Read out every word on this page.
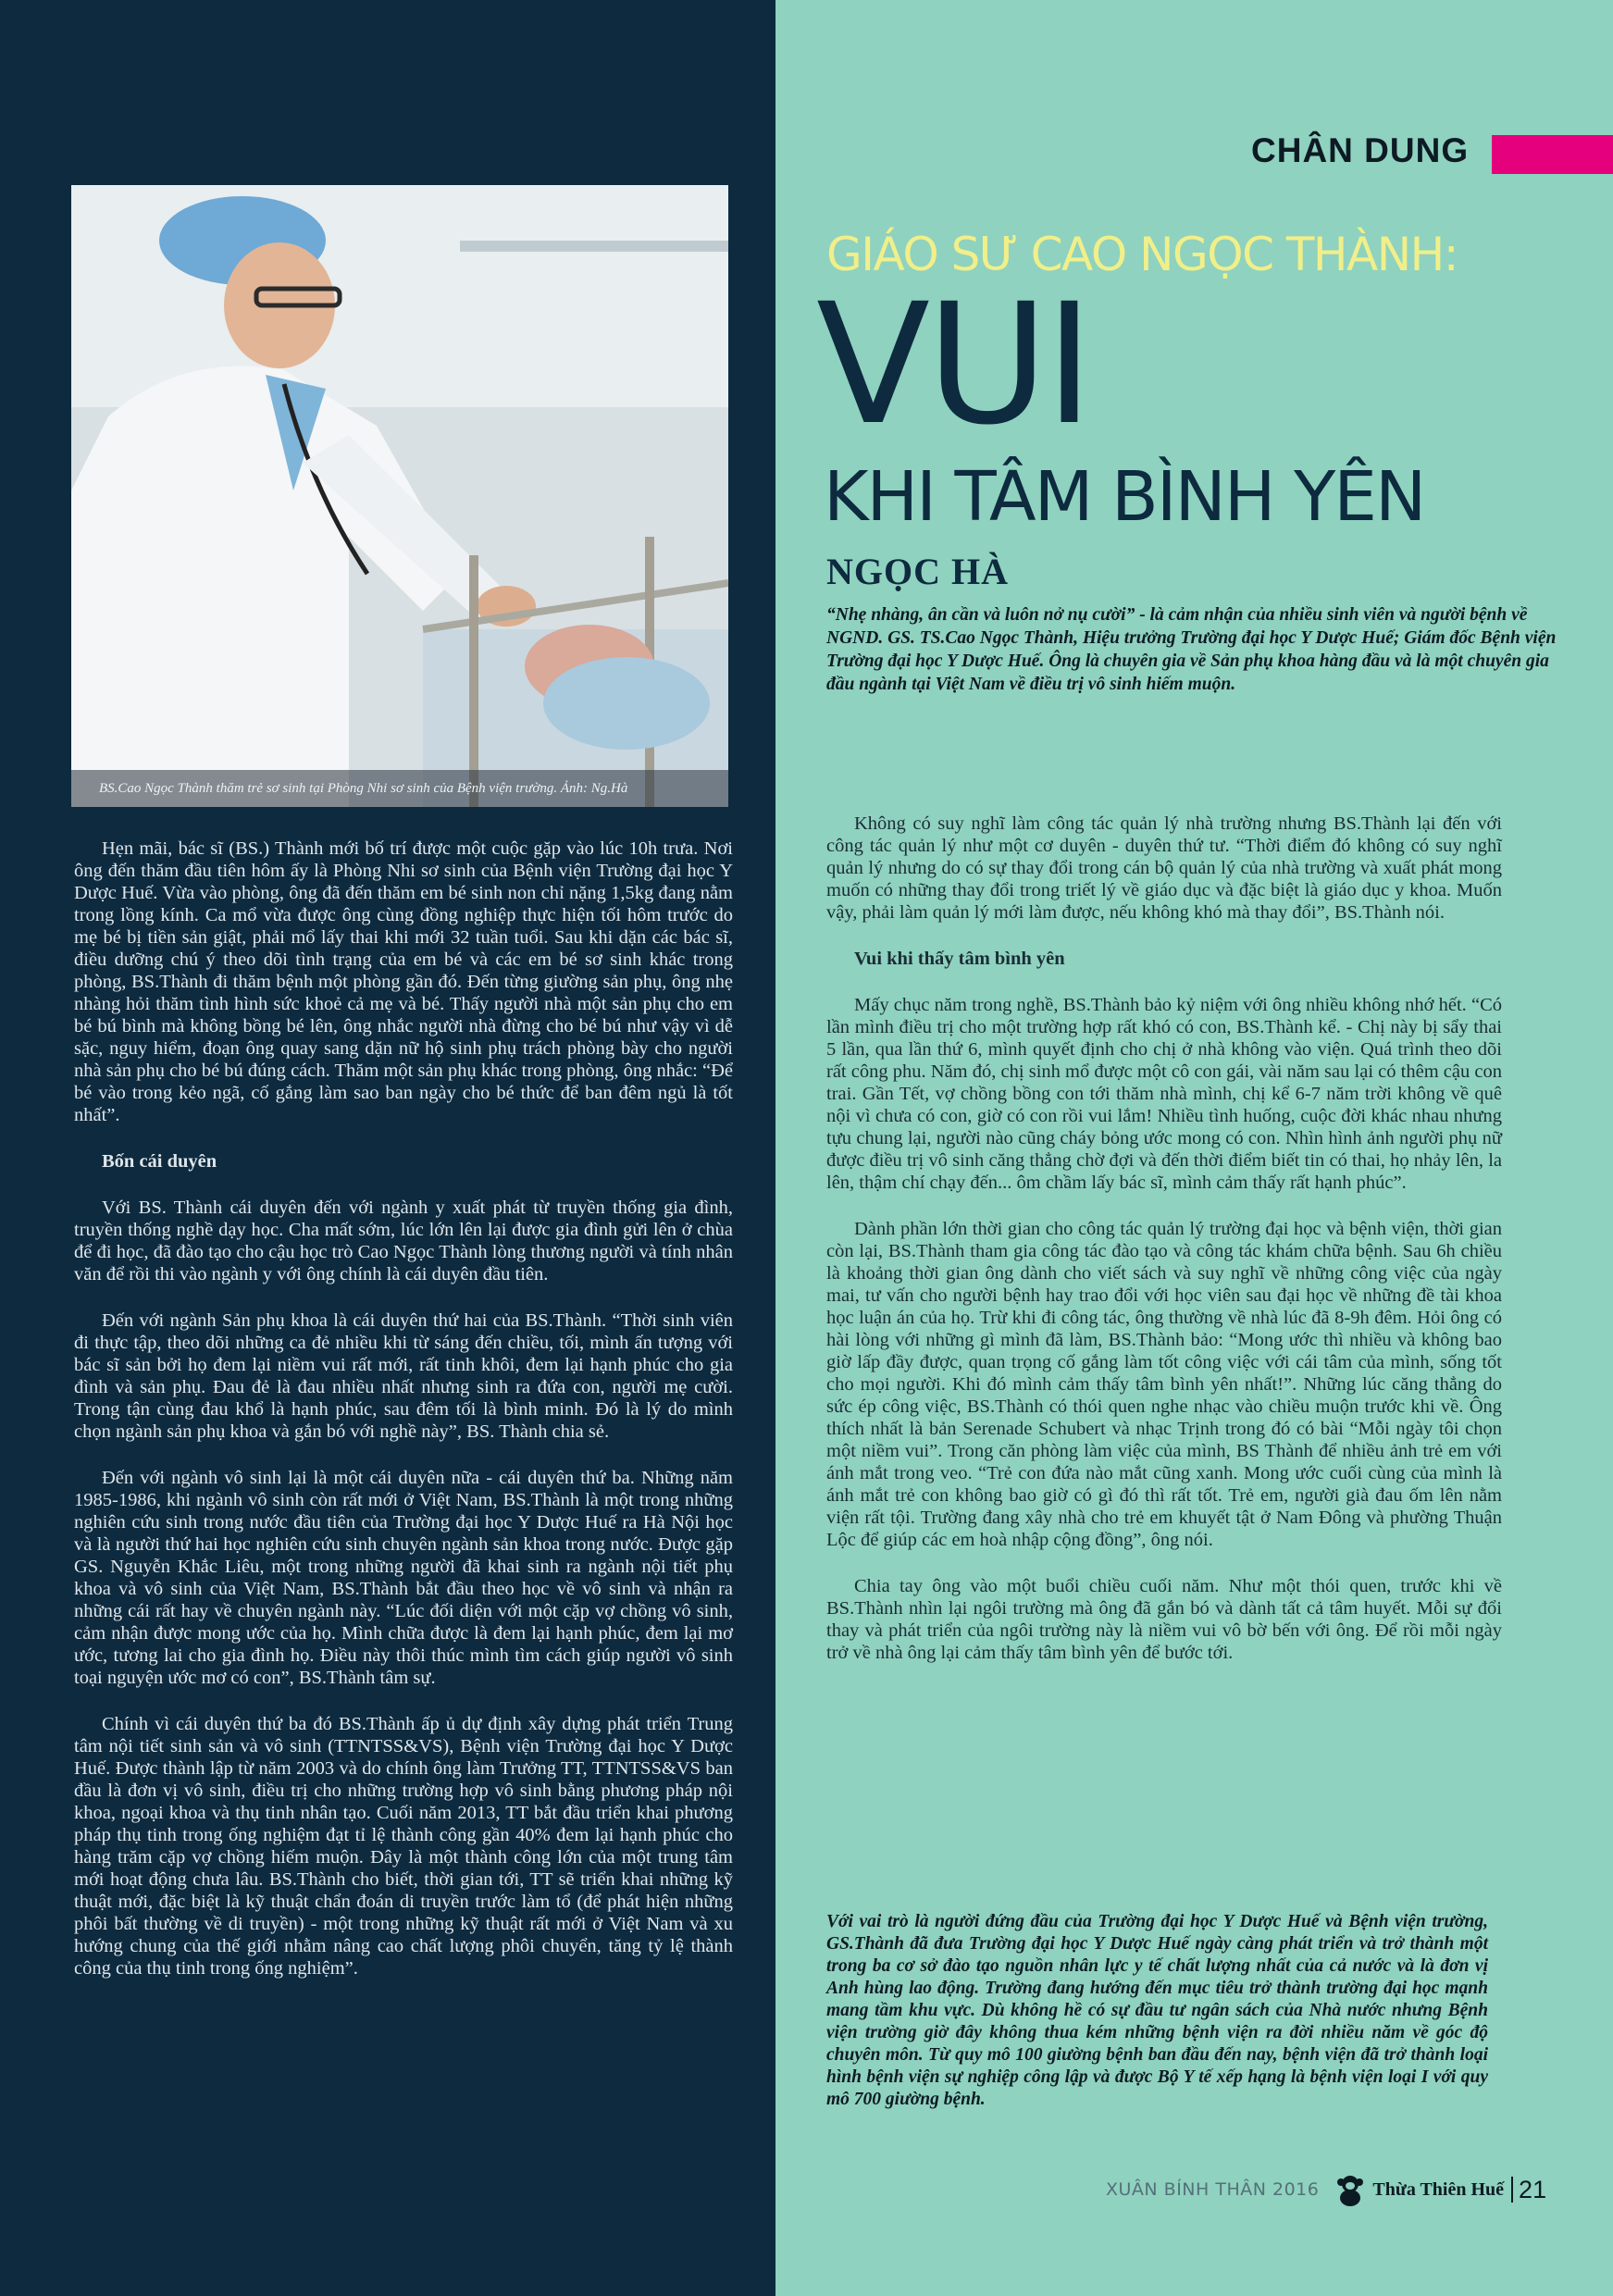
CHÂN DUNG
BS.Cao Ngọc Thành thăm trẻ sơ sinh tại Phòng Nhi sơ sinh của Bệnh viện trường. Ảnh: Ng.Hà
GIÁO SƯ CAO NGỌC THÀNH:
VUI
KHI TÂM BÌNH YÊN
NGỌC HÀ
“Nhẹ nhàng, ân cần và luôn nở nụ cười” - là cảm nhận của nhiều sinh viên và người bệnh về NGND. GS. TS.Cao Ngọc Thành, Hiệu trưởng Trường đại học Y Dược Huế; Giám đốc Bệnh viện Trường đại học Y Dược Huế. Ông là chuyên gia về Sản phụ khoa hàng đầu và là một chuyên gia đầu ngành tại Việt Nam về điều trị vô sinh hiếm muộn.

Hẹn mãi, bác sĩ (BS.) Thành mới bố trí được một cuộc gặp vào lúc 10h trưa. Nơi ông đến thăm đầu tiên hôm ấy là Phòng Nhi sơ sinh của Bệnh viện Trường đại học Y Dược Huế. Vừa vào phòng, ông đã đến thăm em bé sinh non chỉ nặng 1,5kg đang nằm trong lồng kính. Ca mổ vừa được ông cùng đồng nghiệp thực hiện tối hôm trước do mẹ bé bị tiền sản giật, phải mổ lấy thai khi mới 32 tuần tuổi. Sau khi dặn các bác sĩ, điều dưỡng chú ý theo dõi tình trạng của em bé và các em bé sơ sinh khác trong phòng, BS.Thành đi thăm bệnh một phòng gần đó. Đến từng giường sản phụ, ông nhẹ nhàng hỏi thăm tình hình sức khoẻ cả mẹ và bé. Thấy người nhà một sản phụ cho em bé bú bình mà không bồng bé lên, ông nhắc người nhà đừng cho bé bú như vậy vì dễ sặc, nguy hiểm, đoạn ông quay sang dặn nữ hộ sinh phụ trách phòng bày cho người nhà sản phụ cho bé bú đúng cách. Thăm một sản phụ khác trong phòng, ông nhắc: “Để bé vào trong kẻo ngã, cố gắng làm sao ban ngày cho bé thức để ban đêm ngủ là tốt nhất”.

Bốn cái duyên

Với BS. Thành cái duyên đến với ngành y xuất phát từ truyền thống gia đình, truyền thống nghề dạy học. Cha mất sớm, lúc lớn lên lại được gia đình gửi lên ở chùa để đi học, đã đào tạo cho cậu học trò Cao Ngọc Thành lòng thương người và tính nhân văn để rồi thi vào ngành y với ông chính là cái duyên đầu tiên.

Đến với ngành Sản phụ khoa là cái duyên thứ hai của BS.Thành. “Thời sinh viên đi thực tập, theo dõi những ca đẻ nhiều khi từ sáng đến chiều, tối, mình ấn tượng với bác sĩ sản bởi họ đem lại niềm vui rất mới, rất tinh khôi, đem lại hạnh phúc cho gia đình và sản phụ. Đau đẻ là đau nhiều nhất nhưng sinh ra đứa con, người mẹ cười. Trong tận cùng đau khổ là hạnh phúc, sau đêm tối là bình minh. Đó là lý do mình chọn ngành sản phụ khoa và gắn bó với nghề này”, BS. Thành chia sẻ.

Đến với ngành vô sinh lại là một cái duyên nữa - cái duyên thứ ba. Những năm 1985-1986, khi ngành vô sinh còn rất mới ở Việt Nam, BS.Thành là một trong những nghiên cứu sinh trong nước đầu tiên của Trường đại học Y Dược Huế ra Hà Nội học và là người thứ hai học nghiên cứu sinh chuyên ngành sản khoa trong nước. Được gặp GS. Nguyễn Khắc Liêu, một trong những người đã khai sinh ra ngành nội tiết phụ khoa và vô sinh của Việt Nam, BS.Thành bắt đầu theo học về vô sinh và nhận ra những cái rất hay về chuyên ngành này. “Lúc đối diện với một cặp vợ chồng vô sinh, cảm nhận được mong ước của họ. Mình chữa được là đem lại hạnh phúc, đem lại mơ ước, tương lai cho gia đình họ. Điều này thôi thúc mình tìm cách giúp người vô sinh toại nguyện ước mơ có con”, BS.Thành tâm sự.

Chính vì cái duyên thứ ba đó BS.Thành ấp ủ dự định xây dựng phát triển Trung tâm nội tiết sinh sản và vô sinh (TTNTSS&VS), Bệnh viện Trường đại học Y Dược Huế. Được thành lập từ năm 2003 và do chính ông làm Trưởng TT, TTNTSS&VS ban đầu là đơn vị vô sinh, điều trị cho những trường hợp vô sinh bằng phương pháp nội khoa, ngoại khoa và thụ tinh nhân tạo. Cuối năm 2013, TT bắt đầu triển khai phương pháp thụ tinh trong ống nghiệm đạt tỉ lệ thành công gần 40% đem lại hạnh phúc cho hàng trăm cặp vợ chồng hiếm muộn. Đây là một thành công lớn của một trung tâm mới hoạt động chưa lâu. BS.Thành cho biết, thời gian tới, TT sẽ triển khai những kỹ thuật mới, đặc biệt là kỹ thuật chẩn đoán di truyền trước làm tổ (để phát hiện những phôi bất thường về di truyền) - một trong những kỹ thuật rất mới ở Việt Nam và xu hướng chung của thế giới nhằm nâng cao chất lượng phôi chuyển, tăng tỷ lệ thành công của thụ tinh trong ống nghiệm”.

Không có suy nghĩ làm công tác quản lý nhà trường nhưng BS.Thành lại đến với công tác quản lý như một cơ duyên - duyên thứ tư. “Thời điểm đó không có suy nghĩ quản lý nhưng do có sự thay đổi trong cán bộ quản lý của nhà trường và xuất phát mong muốn có những thay đổi trong triết lý về giáo dục và đặc biệt là giáo dục y khoa. Muốn vậy, phải làm quản lý mới làm được, nếu không khó mà thay đổi”, BS.Thành nói.

Vui khi thấy tâm bình yên

Mấy chục năm trong nghề, BS.Thành bảo kỷ niệm với ông nhiều không nhớ hết. “Có lần mình điều trị cho một trường hợp rất khó có con, BS.Thành kể. - Chị này bị sẩy thai 5 lần, qua lần thứ 6, mình quyết định cho chị ở nhà không vào viện. Quá trình theo dõi rất công phu. Năm đó, chị sinh mổ được một cô con gái, vài năm sau lại có thêm cậu con trai. Gần Tết, vợ chồng bồng con tới thăm nhà mình, chị kể 6-7 năm trời không về quê nội vì chưa có con, giờ có con rồi vui lắm! Nhiều tình huống, cuộc đời khác nhau nhưng tựu chung lại, người nào cũng cháy bỏng ước mong có con. Nhìn hình ảnh người phụ nữ được điều trị vô sinh căng thẳng chờ đợi và đến thời điểm biết tin có thai, họ nhảy lên, la lên, thậm chí chạy đến... ôm chầm lấy bác sĩ, mình cảm thấy rất hạnh phúc”.

Dành phần lớn thời gian cho công tác quản lý trường đại học và bệnh viện, thời gian còn lại, BS.Thành tham gia công tác đào tạo và công tác khám chữa bệnh. Sau 6h chiều là khoảng thời gian ông dành cho viết sách và suy nghĩ về những công việc của ngày mai, tư vấn cho người bệnh hay trao đổi với học viên sau đại học về những đề tài khoa học luận án của họ. Trừ khi đi công tác, ông thường về nhà lúc đã 8-9h đêm. Hỏi ông có hài lòng với những gì mình đã làm, BS.Thành bảo: “Mong ước thì nhiều và không bao giờ lấp đầy được, quan trọng cố gắng làm tốt công việc với cái tâm của mình, sống tốt cho mọi người. Khi đó mình cảm thấy tâm bình yên nhất!”. Những lúc căng thẳng do sức ép công việc, BS.Thành có thói quen nghe nhạc vào chiều muộn trước khi về. Ông thích nhất là bản Serenade Schubert và nhạc Trịnh trong đó có bài “Mỗi ngày tôi chọn một niềm vui”. Trong căn phòng làm việc của mình, BS Thành để nhiều ảnh trẻ em với ánh mắt trong veo. “Trẻ con đứa nào mắt cũng xanh. Mong ước cuối cùng của mình là ánh mắt trẻ con không bao giờ có gì đó thì rất tốt. Trẻ em, người già đau ốm lên nằm viện rất tội. Trường đang xây nhà cho trẻ em khuyết tật ở Nam Đông và phường Thuận Lộc để giúp các em hoà nhập cộng đồng”, ông nói.

Chia tay ông vào một buổi chiều cuối năm. Như một thói quen, trước khi về BS.Thành nhìn lại ngôi trường mà ông đã gắn bó và dành tất cả tâm huyết. Mỗi sự đổi thay và phát triển của ngôi trường này là niềm vui vô bờ bến với ông. Để rồi mỗi ngày trở về nhà ông lại cảm thấy tâm bình yên để bước tới.

Với vai trò là người đứng đầu của Trường đại học Y Dược Huế và Bệnh viện trường, GS.Thành đã đưa Trường đại học Y Dược Huế ngày càng phát triển và trở thành một trong ba cơ sở đào tạo nguồn nhân lực y tế chất lượng nhất của cả nước và là đơn vị Anh hùng lao động. Trường đang hướng đến mục tiêu trở thành trường đại học mạnh mang tầm khu vực. Dù không hề có sự đầu tư ngân sách của Nhà nước nhưng Bệnh viện trường giờ đây không thua kém những bệnh viện ra đời nhiều năm về góc độ chuyên môn. Từ quy mô 100 giường bệnh ban đầu đến nay, bệnh viện đã trở thành loại hình bệnh viện sự nghiệp công lập và được Bộ Y tế xếp hạng là bệnh viện loại I với quy mô 700 giường bệnh.

XUÂN BÍNH THÂN 2016	Thừa Thiên Huế 21
